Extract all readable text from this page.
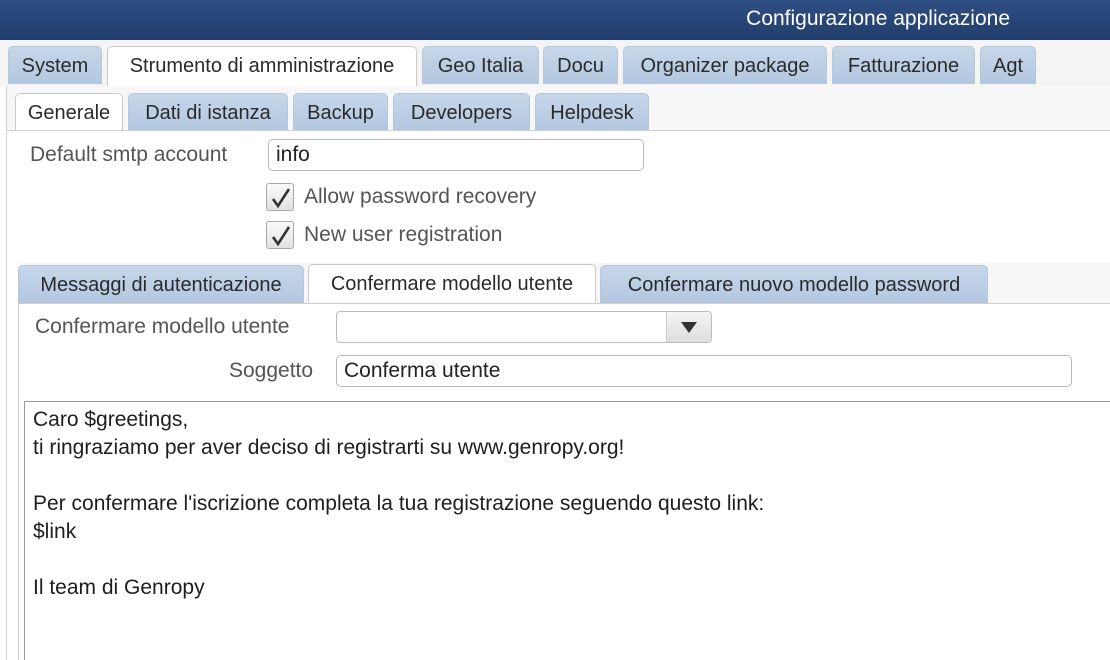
Configurazione applicazione
System	Strumento di amministrazione	Geo Italia	Docu	Organizer package	Fatturazione	Agt
Generale	Dati di istanza	Backup	Developers	Helpdesk
Default smtp account	info
Allow password recovery
New user registration
Messaggi di autenticazione	Confermare modello utente	Confermare nuovo modello password
Confermare modello utente
Soggetto	Conferma utente
Caro $greetings,
ti ringraziamo per aver deciso di registrarti su www.genropy.org!
Per confermare l'iscrizione completa la tua registrazione seguendo questo link:
$link
Il team di Genropy
